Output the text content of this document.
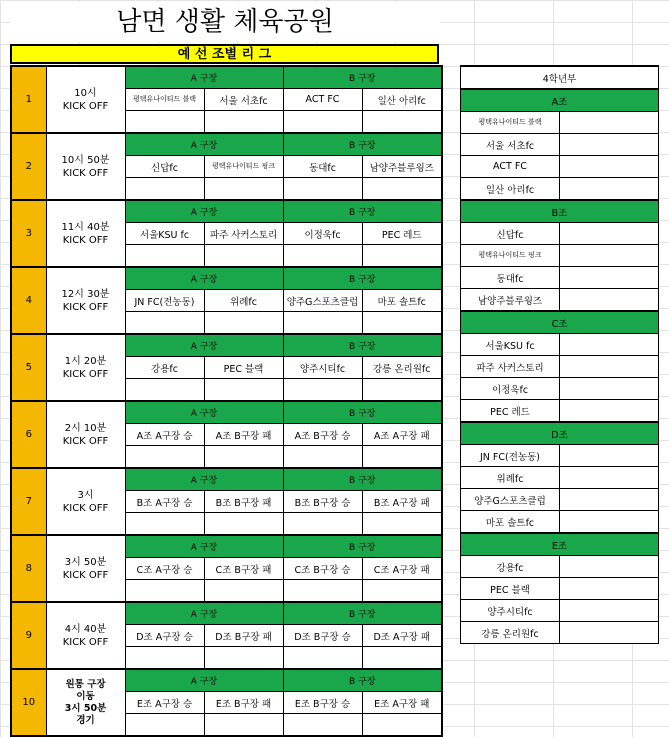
남면 생활 체육공원
예 선 조별 리 그
1	10시
KICK OFF	A 구장		B 구장	
		평택유나이티드 블랙	서울 서초fc	ACT FC	일산 아리fc

2	10시 50분
KICK OFF	A 구장		B 구장	
		신답fc	평택유나이티드 핑크	동대fc	남양주블루윙즈

3	11시 40분
KICK OFF	A 구장		B 구장	
		서울KSU fc	파주 사커스토리	이정욱fc	PEC 레드

4	12시 30분
KICK OFF	A 구장		B 구장	
		JN FC(전농동)	위례fc	양주G스포츠클럽	마포 솔트fc

5	1시 20분
KICK OFF	A 구장		B 구장	
		강용fc	PEC 블랙	양주시티fc	강릉 온리원fc

6	2시 10분
KICK OFF	A 구장		B 구장	
		A조 A구장 승	A조 B구장 패	A조 B구장 승	A조 A구장 패

7	3시
KICK OFF	A 구장		B 구장	
		B조 A구장 승	B조 B구장 패	B조 B구장 승	B조 A구장 패

8	3시 50분
KICK OFF	A 구장		B 구장	
		C조 A구장 승	C조 B구장 패	C조 B구장 승	C조 A구장 패

9	4시 40분
KICK OFF	A 구장		B 구장	
		D조 A구장 승	D조 B구장 패	D조 B구장 승	D조 A구장 패

10	원통 구장
이동
3시 50분
경기	A 구장		B 구장	
		E조 A구장 승	E조 B구장 패	E조 B구장 승	E조 A구장 패

4학년부	
A조	
평택유나이티드 블랙	
서울 서초fc	
ACT FC	
일산 아리fc	
B조	
신답fc	
평택유나이티드 핑크	
동대fc	
남양주블루윙즈	
C조	
서울KSU fc	
파주 사커스토리	
이정욱fc	
PEC 레드	
D조	
JN FC(전농동)	
위례fc	
양주G스포츠클럽	
마포 솔트fc	
E조	
강용fc	
PEC 블랙	
양주시티fc	
강릉 온리원fc	
